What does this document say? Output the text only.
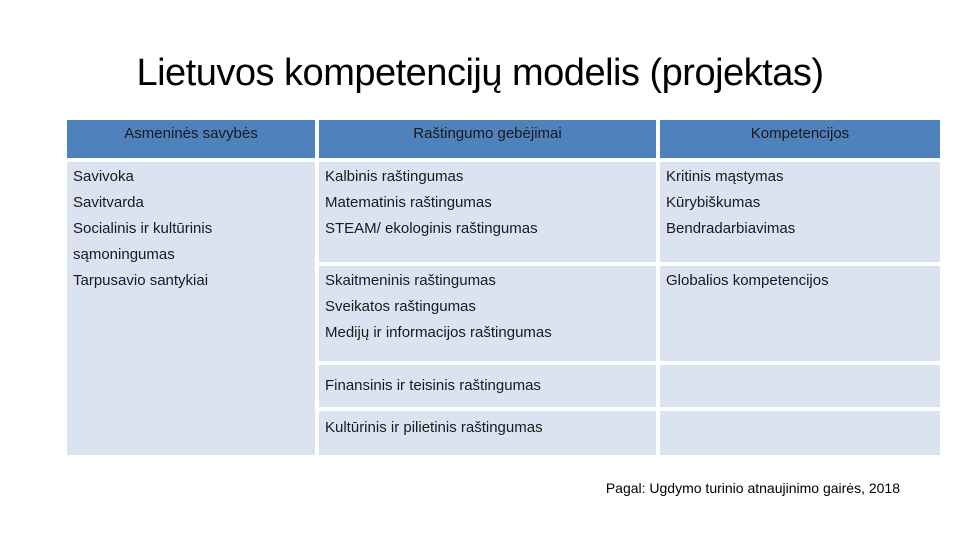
Lietuvos kompetencijų modelis (projektas)
Asmeninės savybės	Raštingumo gebėjimai	Kompetencijos
Savivoka
Savitvarda
Socialinis ir kultūrinis
sąmoningumas
Tarpusavio santykiai
Kalbinis raštingumas
Matematinis raštingumas
STEAM/ ekologinis raštingumas
Skaitmeninis raštingumas
Sveikatos raštingumas
Medijų ir informacijos raštingumas
Finansinis ir teisinis raštingumas
Kultūrinis ir pilietinis raštingumas
Kritinis mąstymas
Kūrybiškumas
Bendradarbiavimas
Globalios kompetencijos
Pagal: Ugdymo turinio atnaujinimo gairės, 2018
